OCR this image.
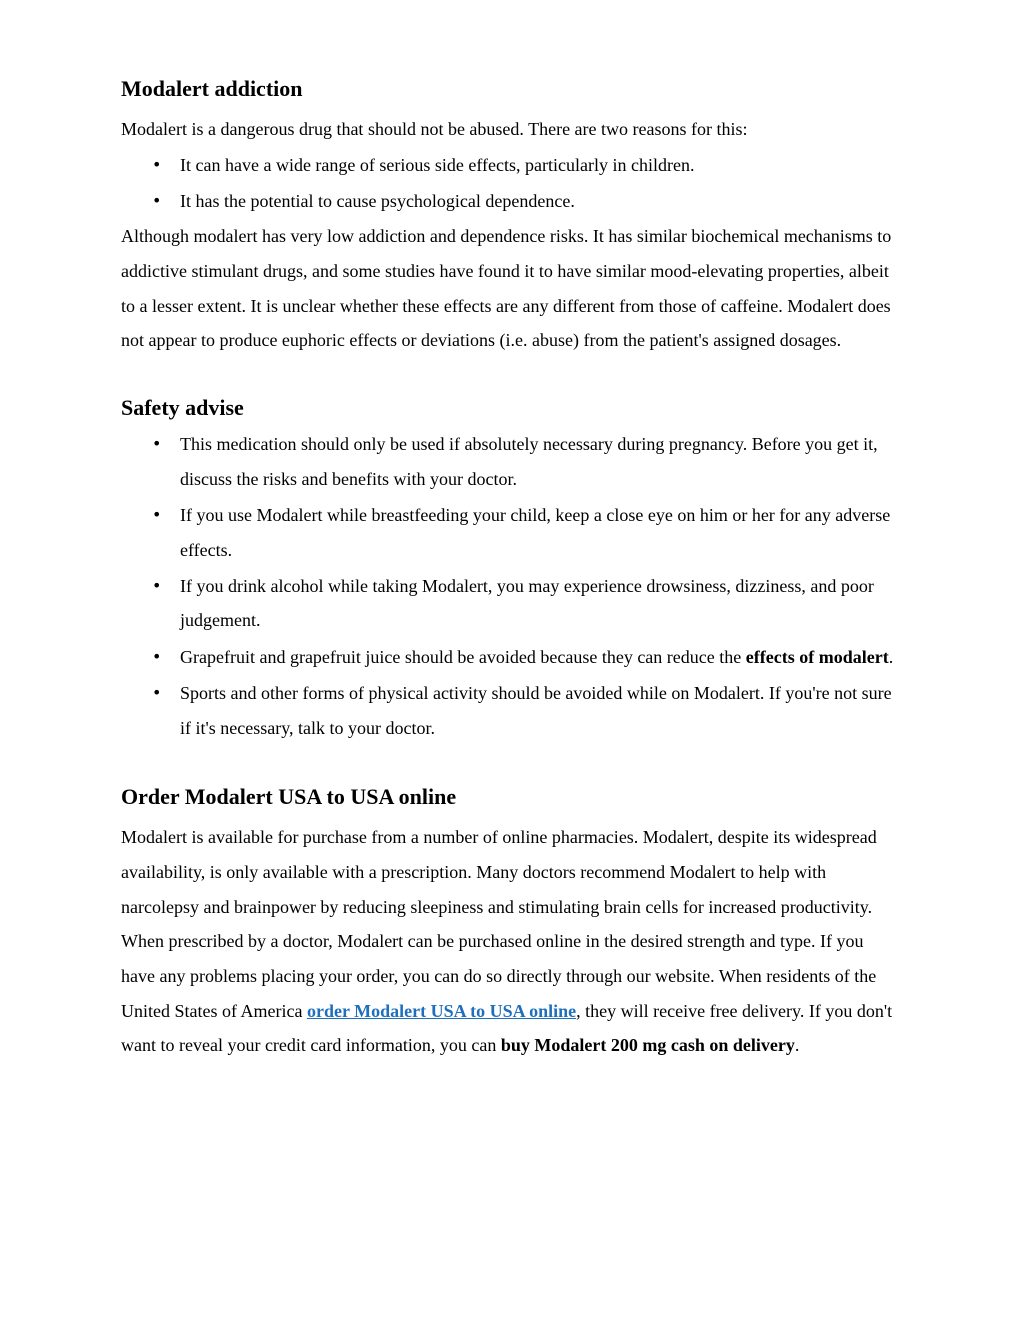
Modalert addiction

Modalert is a dangerous drug that should not be abused. There are two reasons for this:

• It can have a wide range of serious side effects, particularly in children.
• It has the potential to cause psychological dependence.

Although modalert has very low addiction and dependence risks. It has similar biochemical mechanisms to addictive stimulant drugs, and some studies have found it to have similar mood-elevating properties, albeit to a lesser extent. It is unclear whether these effects are any different from those of caffeine. Modalert does not appear to produce euphoric effects or deviations (i.e. abuse) from the patient's assigned dosages.

Safety advise
• This medication should only be used if absolutely necessary during pregnancy. Before you get it, discuss the risks and benefits with your doctor.
• If you use Modalert while breastfeeding your child, keep a close eye on him or her for any adverse effects.
• If you drink alcohol while taking Modalert, you may experience drowsiness, dizziness, and poor judgement.
• Grapefruit and grapefruit juice should be avoided because they can reduce the effects of modalert.
• Sports and other forms of physical activity should be avoided while on Modalert. If you're not sure if it's necessary, talk to your doctor.
Order Modalert USA to USA online

Modalert is available for purchase from a number of online pharmacies. Modalert, despite its widespread availability, is only available with a prescription. Many doctors recommend Modalert to help with narcolepsy and brainpower by reducing sleepiness and stimulating brain cells for increased productivity. When prescribed by a doctor, Modalert can be purchased online in the desired strength and type. If you have any problems placing your order, you can do so directly through our website. When residents of the United States of America order Modalert USA to USA online, they will receive free delivery. If you don't want to reveal your credit card information, you can buy Modalert 200 mg cash on delivery.
